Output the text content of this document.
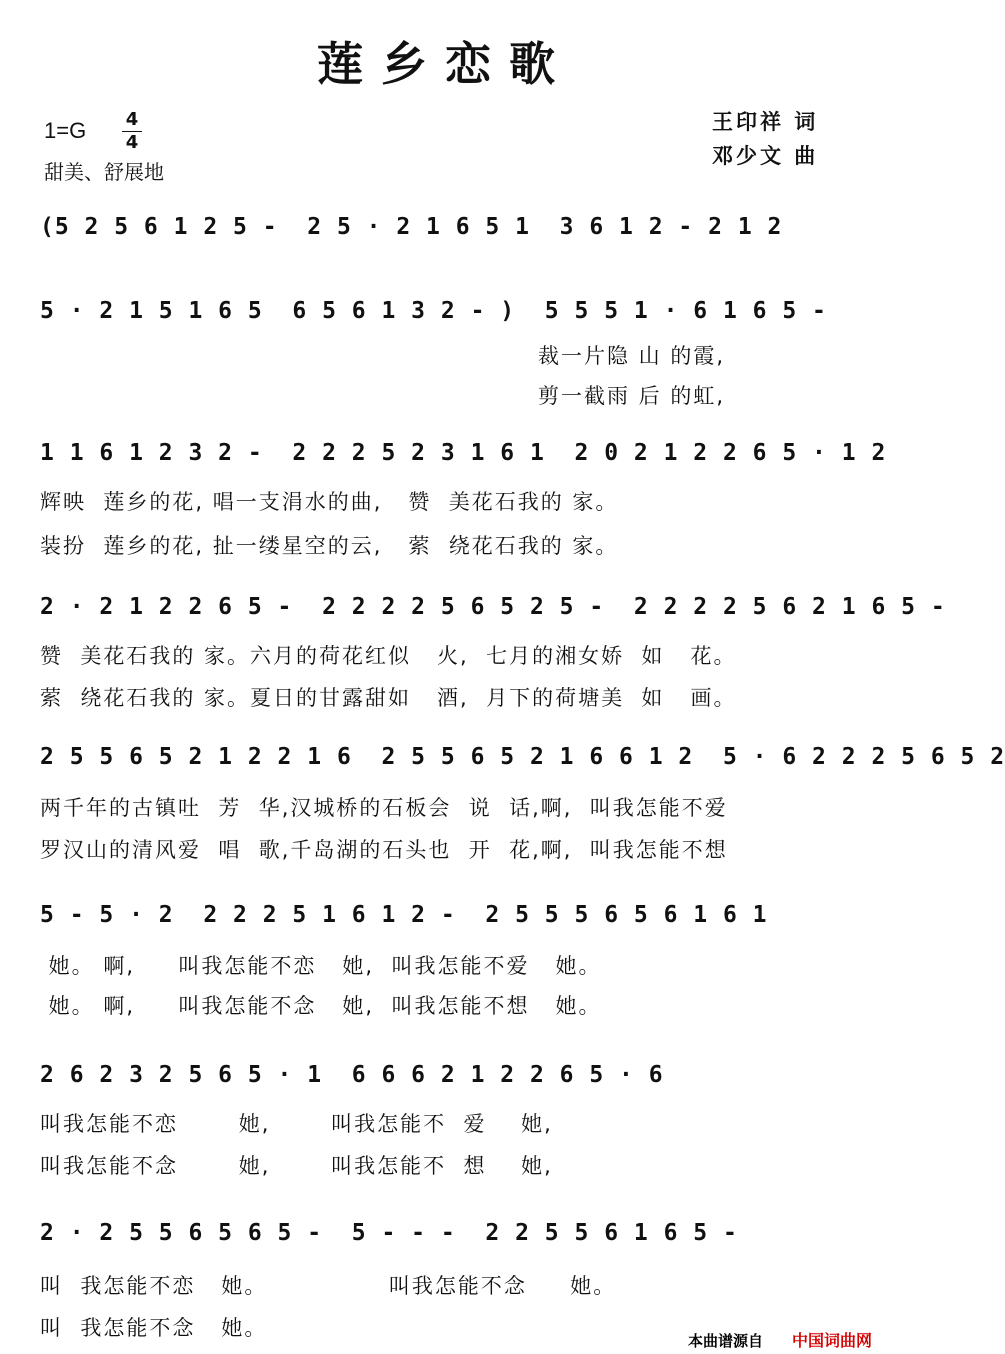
莲乡恋歌
1=G 4
4
甜美、舒展地
王印祥 词
邓少文 曲
(5 2 5 6 1 2 5 -  2 5 · 2 1 6 5 1  3 6 1 2 - 2 1 2
5 · 2 1 5 1 6 5  6 5 6 1 3 2 - )  5 5 5 1 · 6 1 6 5 -
裁一片隐 山 的霞,
剪一截雨 后 的虹,
1 1 6 1 2 3 2 -  2 2 2 5 2 3 1 6 1  2 0 2 1 2 2 6 5 · 1 2
辉映  莲乡的花, 唱一支涓水的曲,   赞  美花石我的 家。
装扮  莲乡的花, 扯一缕星空的云,   萦  绕花石我的 家。
2 · 2 1 2 2 6 5 -  2 2 2 2 5 6 5 2 5 -  2 2 2 2 5 6 2 1 6 5 -
赞  美花石我的 家。六月的荷花红似   火,  七月的湘女娇  如   花。
萦  绕花石我的 家。夏日的甘露甜如   酒,  月下的荷塘美  如   画。
2 5 5 6 5 2 1 2 2 1 6  2 5 5 6 5 2 1 6 6 1 2  5 · 6 2 2 2 5 6 5 2
两千年的古镇吐  芳  华,汉城桥的石板会  说  话,啊,  叫我怎能不爱
罗汉山的清风爱  唱  歌,千岛湖的石头也  开  花,啊,  叫我怎能不想
5 - 5 · 2  2 2 2 5 1 6 1 2 -  2 5 5 5 6 5 6 1 6 1
她。 啊,     叫我怎能不恋   她,  叫我怎能不爱   她。
她。 啊,     叫我怎能不念   她,  叫我怎能不想   她。
2 6 2 3 2 5 6 5 · 1  6 6 6 2 1 2 2 6 5 · 6
叫我怎能不恋       她,       叫我怎能不  爱    她,
叫我怎能不念       她,       叫我怎能不  想    她,
2 · 2 5 5 6 5 6 5 -  5 - - -  2 2 5 5 6 1 6 5 -
叫  我怎能不恋   她。              叫我怎能不念     她。
叫  我怎能不念   她。
本曲谱源自 中国词曲网
